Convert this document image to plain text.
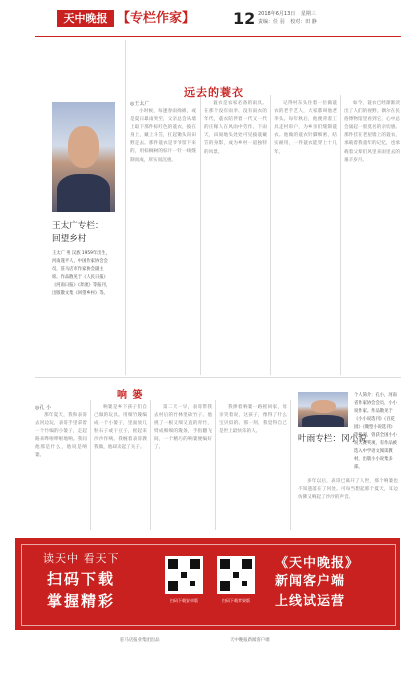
天中晚报 【专栏作家】 12 2018年6月13日 星期三
责编：任 羽 校对：田 静
远去的蓑衣
◎王太广
小时候，每逢春雨绵绵，或是夏日暴雨突至，父亲总会从墙上取下那件棕红色的蓑衣，披在身上，戴上斗笠，扛起锄头向田野走去。那件蓑衣是爷爷留下来的，用棕榈树的棕片一针一线缝制而成，厚实而沉重。
蓑衣是农家必备的雨具。在那个没有雨伞、没有雨衣的年代，蓑衣陪伴着一代又一代的庄稼人在风雨中劳作。下雨天，田间地头处处可见披蓑戴笠的身影，成为乡村一道独特的风景。
记得村东头住着一位做蓑衣的老手艺人，大家都叫他老李头。每年秋后，他便背着工具走村串户，为乡亲们缝制蓑衣。他做的蓑衣针脚细密，结实耐用，一件蓑衣能穿上十几年。
如今，蓑衣已经渐渐淡出了人们的视野。偶尔在民俗博物馆里看到它，心中总会涌起一股莫名的亲切感。那件挂在老屋墙上的蓑衣，承载着我童年的记忆，也承载着父辈们风里来雨里去的艰辛岁月。
王太广专栏：
回望乡村
王太广 男 汉族 1959年出生，河南遂平人，中国作家协会会员，驻马店市作家协会副主席。作品散见于《人民日报》《河南日报》《奔流》等报刊，出版散文集《回望乡村》等。
响 篓
◎孔 小
那年夏天，我和表哥去河边玩，表哥手里拿着一个竹编的小篓子，走起路来哗啦哗啦地响。我问他那是什么，他说是响篓。
响篓是乡下孩子们自己做的玩具。用细竹篾编成一个小篓子，里面放几粒石子或干豆子，摇起来沙沙作响。我缠着表哥教我做，他却卖起了关子。
第二天一早，表哥带我去村后的竹林里砍竹子。他挑了一根又细又直的青竹，劈成细细的篾条，手指翻飞间，一个精巧的响篓便编好了。
我捧着响篓一路摇回家，母亲笑着说，这孩子，像得了什么宝贝似的。那一刻，我觉得自己是世上最快乐的人。
多年以后，表哥已离开了人世，那个响篓也不知遗落在了何处。可每当想起那个夏天，耳边仿佛又响起了沙沙的声音。
叶雨专栏：冈小说
个人简介：孔小，河南省作家协会会员，小小说作家。作品散见于《小小说选刊》《百花园》《微型小说选刊》等报刊，曾获全国小小说大赛奖项，有作品被选入中学语文阅读教材，出版小小说集多部。
读天中 看天下
扫码下载
掌握精彩	扫码下载安卓版	扫码下载苹果版
《天中晚报》
新闻客户端
上线试运营
驻马店报业集团出品	天中晚报新闻客户端
